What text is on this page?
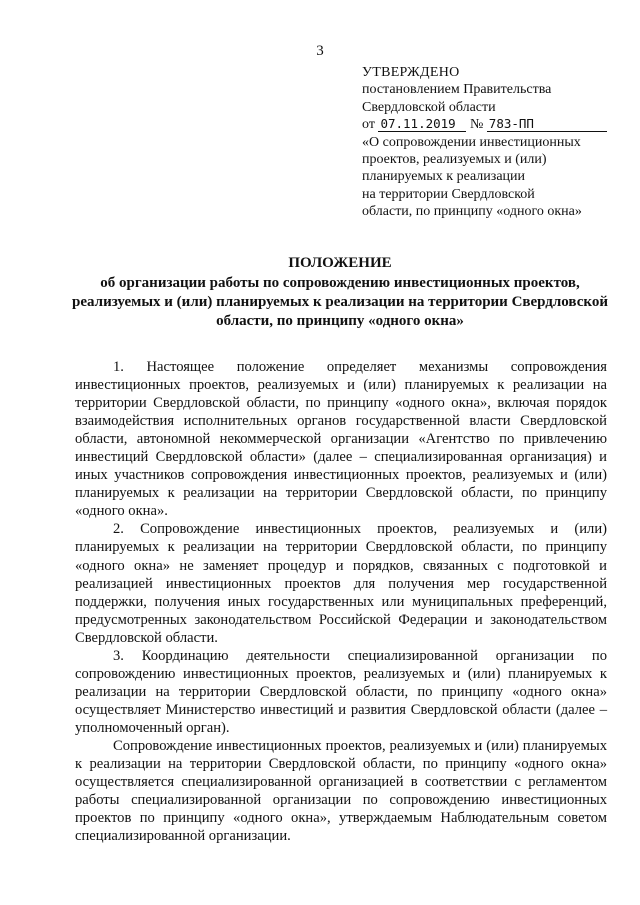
3
УТВЕРЖДЕНО
постановлением Правительства
Свердловской области
от 07.11.2019 № 783-ПП
«О сопровождении инвестиционных
проектов, реализуемых и (или)
планируемых к реализации
на территории Свердловской
области, по принципу «одного окна»
ПОЛОЖЕНИЕ
об организации работы по сопровождению инвестиционных проектов, реализуемых и (или) планируемых к реализации на территории Свердловской области, по принципу «одного окна»

1. Настоящее положение определяет механизмы сопровождения инвестиционных проектов, реализуемых и (или) планируемых к реализации на территории Свердловской области, по принципу «одного окна», включая порядок взаимодействия исполнительных органов государственной власти Свердловской области, автономной некоммерческой организации «Агентство по привлечению инвестиций Свердловской области» (далее – специализированная организация) и иных участников сопровождения инвестиционных проектов, реализуемых и (или) планируемых к реализации на территории Свердловской области, по принципу «одного окна».

2. Сопровождение инвестиционных проектов, реализуемых и (или) планируемых к реализации на территории Свердловской области, по принципу «одного окна» не заменяет процедур и порядков, связанных с подготовкой и реализацией инвестиционных проектов для получения мер государственной поддержки, получения иных государственных или муниципальных преференций, предусмотренных законодательством Российской Федерации и законодательством Свердловской области.

3. Координацию деятельности специализированной организации по сопровождению инвестиционных проектов, реализуемых и (или) планируемых к реализации на территории Свердловской области, по принципу «одного окна» осуществляет Министерство инвестиций и развития Свердловской области (далее – уполномоченный орган).

Сопровождение инвестиционных проектов, реализуемых и (или) планируемых к реализации на территории Свердловской области, по принципу «одного окна» осуществляется специализированной организацией в соответствии с регламентом работы специализированной организации по сопровождению инвестиционных проектов по принципу «одного окна», утверждаемым Наблюдательным советом специализированной организации.
